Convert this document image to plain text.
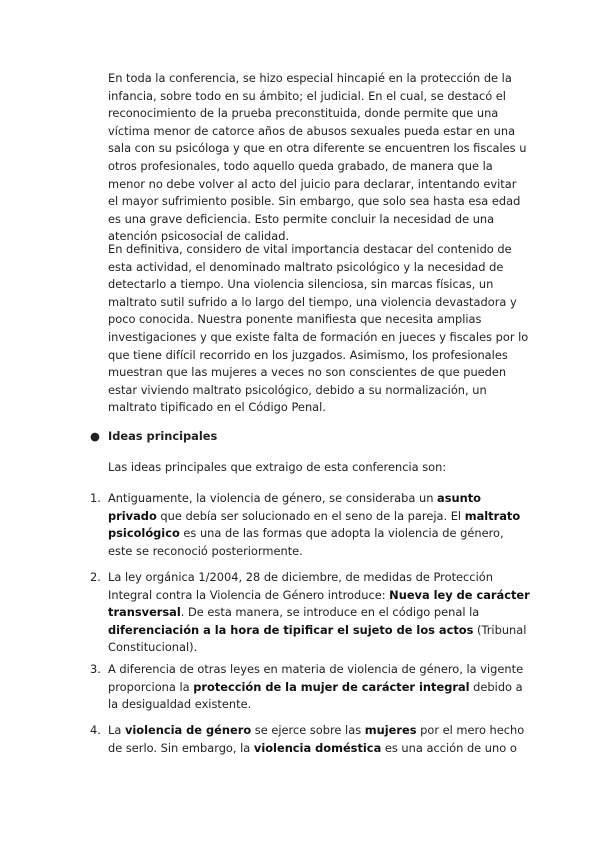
En toda la conferencia, se hizo especial hincapié en la protección de la infancia, sobre todo en su ámbito; el judicial. En el cual, se destacó el reconocimiento de la prueba preconstituida, donde permite que una víctima menor de catorce años de abusos sexuales pueda estar en una sala con su psicóloga y que en otra diferente se encuentren los fiscales u otros profesionales, todo aquello queda grabado, de manera que la menor no debe volver al acto del juicio para declarar, intentando evitar el mayor sufrimiento posible. Sin embargo, que solo sea hasta esa edad es una grave deficiencia. Esto permite concluir la necesidad de una atención psicosocial de calidad.

En definitiva, considero de vital importancia destacar del contenido de esta actividad, el denominado maltrato psicológico y la necesidad de detectarlo a tiempo. Una violencia silenciosa, sin marcas físicas, un maltrato sutil sufrido a lo largo del tiempo, una violencia devastadora y poco conocida. Nuestra ponente manifiesta que necesita amplias investigaciones y que existe falta de formación en jueces y fiscales por lo que tiene difícil recorrido en los juzgados. Asimismo, los profesionales muestran que las mujeres a veces no son conscientes de que pueden estar viviendo maltrato psicológico, debido a su normalización, un maltrato tipificado en el Código Penal.

● Ideas principales

Las ideas principales que extraigo de esta conferencia son:

1. Antiguamente, la violencia de género, se consideraba un asunto privado que debía ser solucionado en el seno de la pareja. El maltrato psicológico es una de las formas que adopta la violencia de género, este se reconoció posteriormente.

2. La ley orgánica 1/2004, 28 de diciembre, de medidas de Protección Integral contra la Violencia de Género introduce: Nueva ley de carácter transversal. De esta manera, se introduce en el código penal la diferenciación a la hora de tipificar el sujeto de los actos (Tribunal Constitucional).

3. A diferencia de otras leyes en materia de violencia de género, la vigente proporciona la protección de la mujer de carácter integral debido a la desigualdad existente.

4. La violencia de género se ejerce sobre las mujeres por el mero hecho de serlo. Sin embargo, la violencia doméstica es una acción de uno o
